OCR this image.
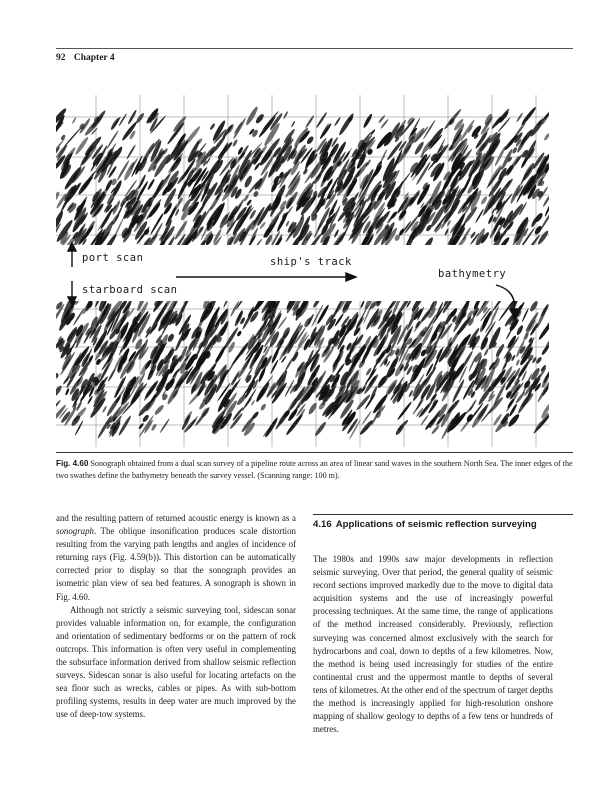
92 Chapter 4
port scan
starboard scan
ship's track
bathymetry
Fig. 4.60 Sonograph obtained from a dual scan survey of a pipeline route across an area of linear sand waves in the southern North Sea. The inner edges of the two swathes define the bathymetry beneath the survey vessel. (Scanning range: 100 m).

and the resulting pattern of returned acoustic energy is known as a sonograph. The oblique insonification produces scale distortion resulting from the varying path lengths and angles of incidence of returning rays (Fig. 4.59(b)). This distortion can be automatically corrected prior to display so that the sonograph provides an isometric plan view of sea bed features. A sonograph is shown in Fig. 4.60.

Although not strictly a seismic surveying tool, sidescan sonar provides valuable information on, for example, the configuration and orientation of sedimentary bedforms or on the pattern of rock outcrops. This information is often very useful in complementing the subsurface information derived from shallow seismic reflection surveys. Sidescan sonar is also useful for locating artefacts on the sea floor such as wrecks, cables or pipes. As with sub-bottom profiling systems, results in deep water are much improved by the use of deep-tow systems.

4.16 Applications of seismic reflection surveying

The 1980s and 1990s saw major developments in reflection seismic surveying. Over that period, the general quality of seismic record sections improved markedly due to the move to digital data acquisition systems and the use of increasingly powerful processing techniques. At the same time, the range of applications of the method increased considerably. Previously, reflection surveying was concerned almost exclusively with the search for hydrocarbons and coal, down to depths of a few kilometres. Now, the method is being used increasingly for studies of the entire continental crust and the uppermost mantle to depths of several tens of kilometres. At the other end of the spectrum of target depths the method is increasingly applied for high-resolution onshore mapping of shallow geology to depths of a few tens or hundreds of metres.
